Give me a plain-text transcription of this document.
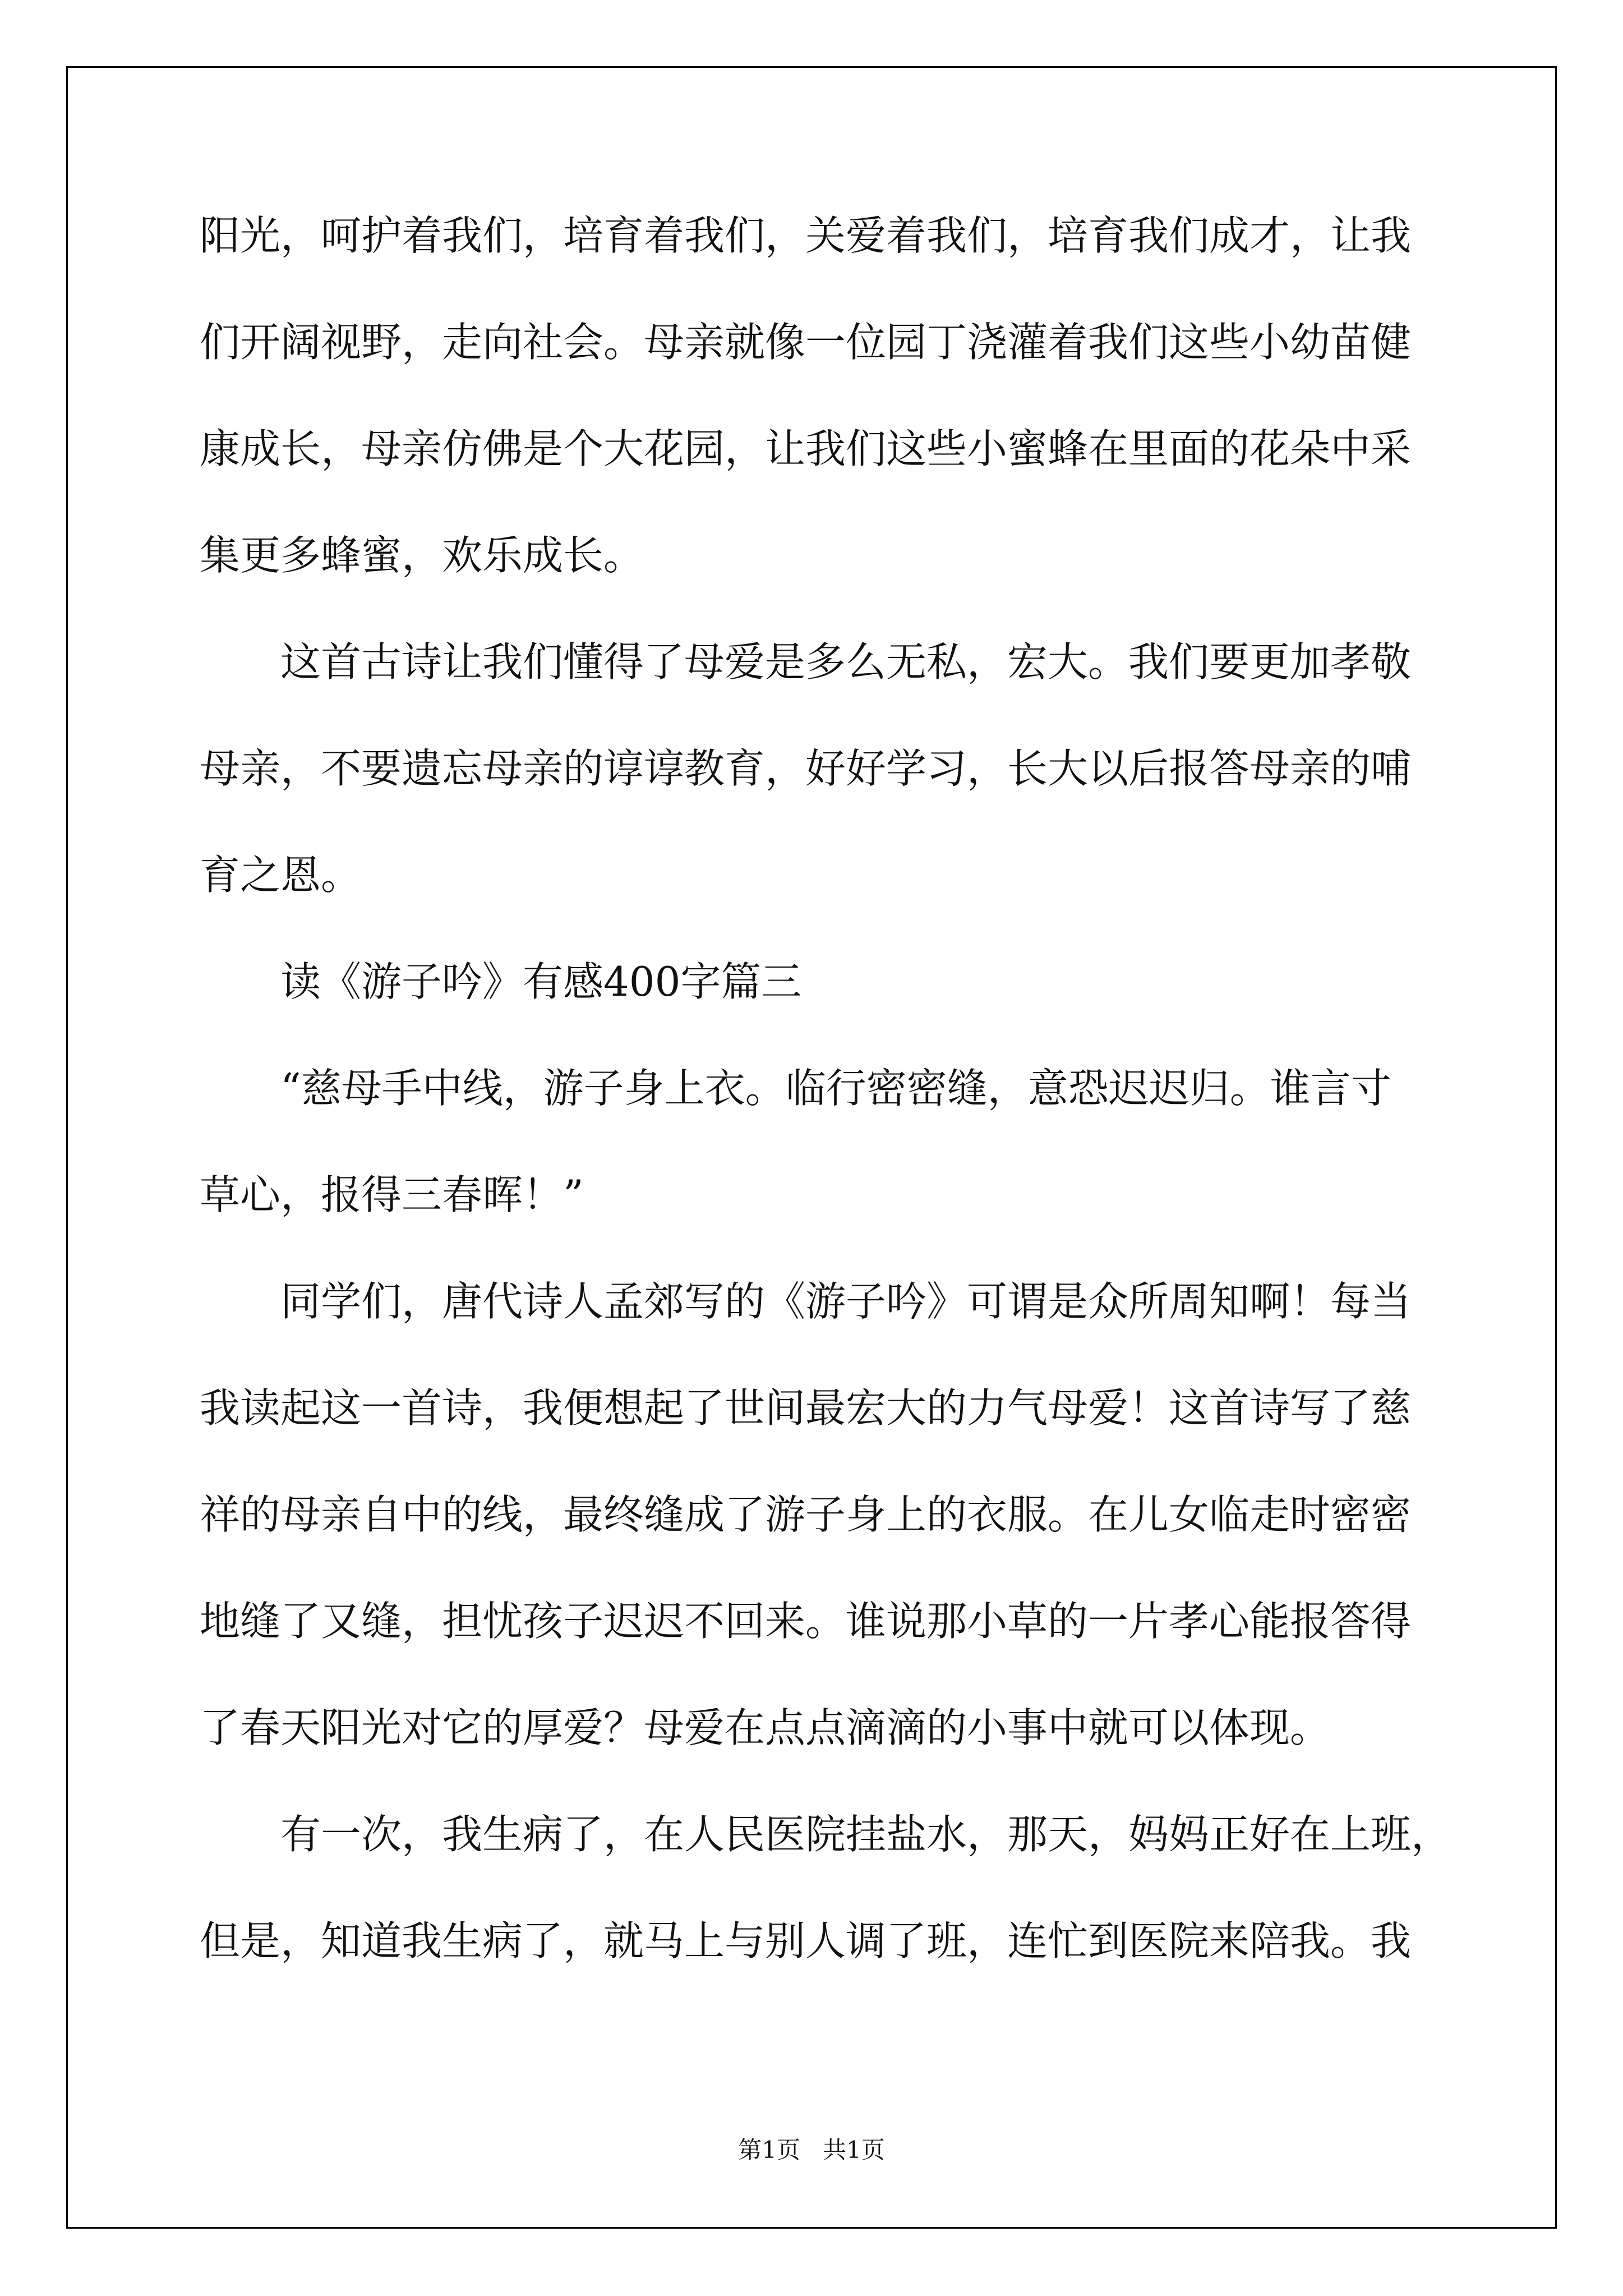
阳光，呵护着我们，培育着我们，关爱着我们，培育我们成才，让我
们开阔视野，走向社会。母亲就像一位园丁浇灌着我们这些小幼苗健
康成长，母亲仿佛是个大花园，让我们这些小蜜蜂在里面的花朵中采
集更多蜂蜜，欢乐成长。
这首古诗让我们懂得了母爱是多么无私，宏大。我们要更加孝敬
母亲，不要遗忘母亲的谆谆教育，好好学习，长大以后报答母亲的哺
育之恩。
读《游子吟》有感400字篇三
“慈母手中线，游子身上衣。临行密密缝，意恐迟迟归。谁言寸
草心，报得三春晖！”
同学们，唐代诗人孟郊写的《游子吟》可谓是众所周知啊！每当
我读起这一首诗，我便想起了世间最宏大的力气母爱！这首诗写了慈
祥的母亲自中的线，最终缝成了游子身上的衣服。在儿女临走时密密
地缝了又缝，担忧孩子迟迟不回来。谁说那小草的一片孝心能报答得
了春天阳光对它的厚爱？母爱在点点滴滴的小事中就可以体现。
有一次，我生病了，在人民医院挂盐水，那天，妈妈正好在上班，
但是，知道我生病了，就马上与别人调了班，连忙到医院来陪我。我
第1页   共1页
